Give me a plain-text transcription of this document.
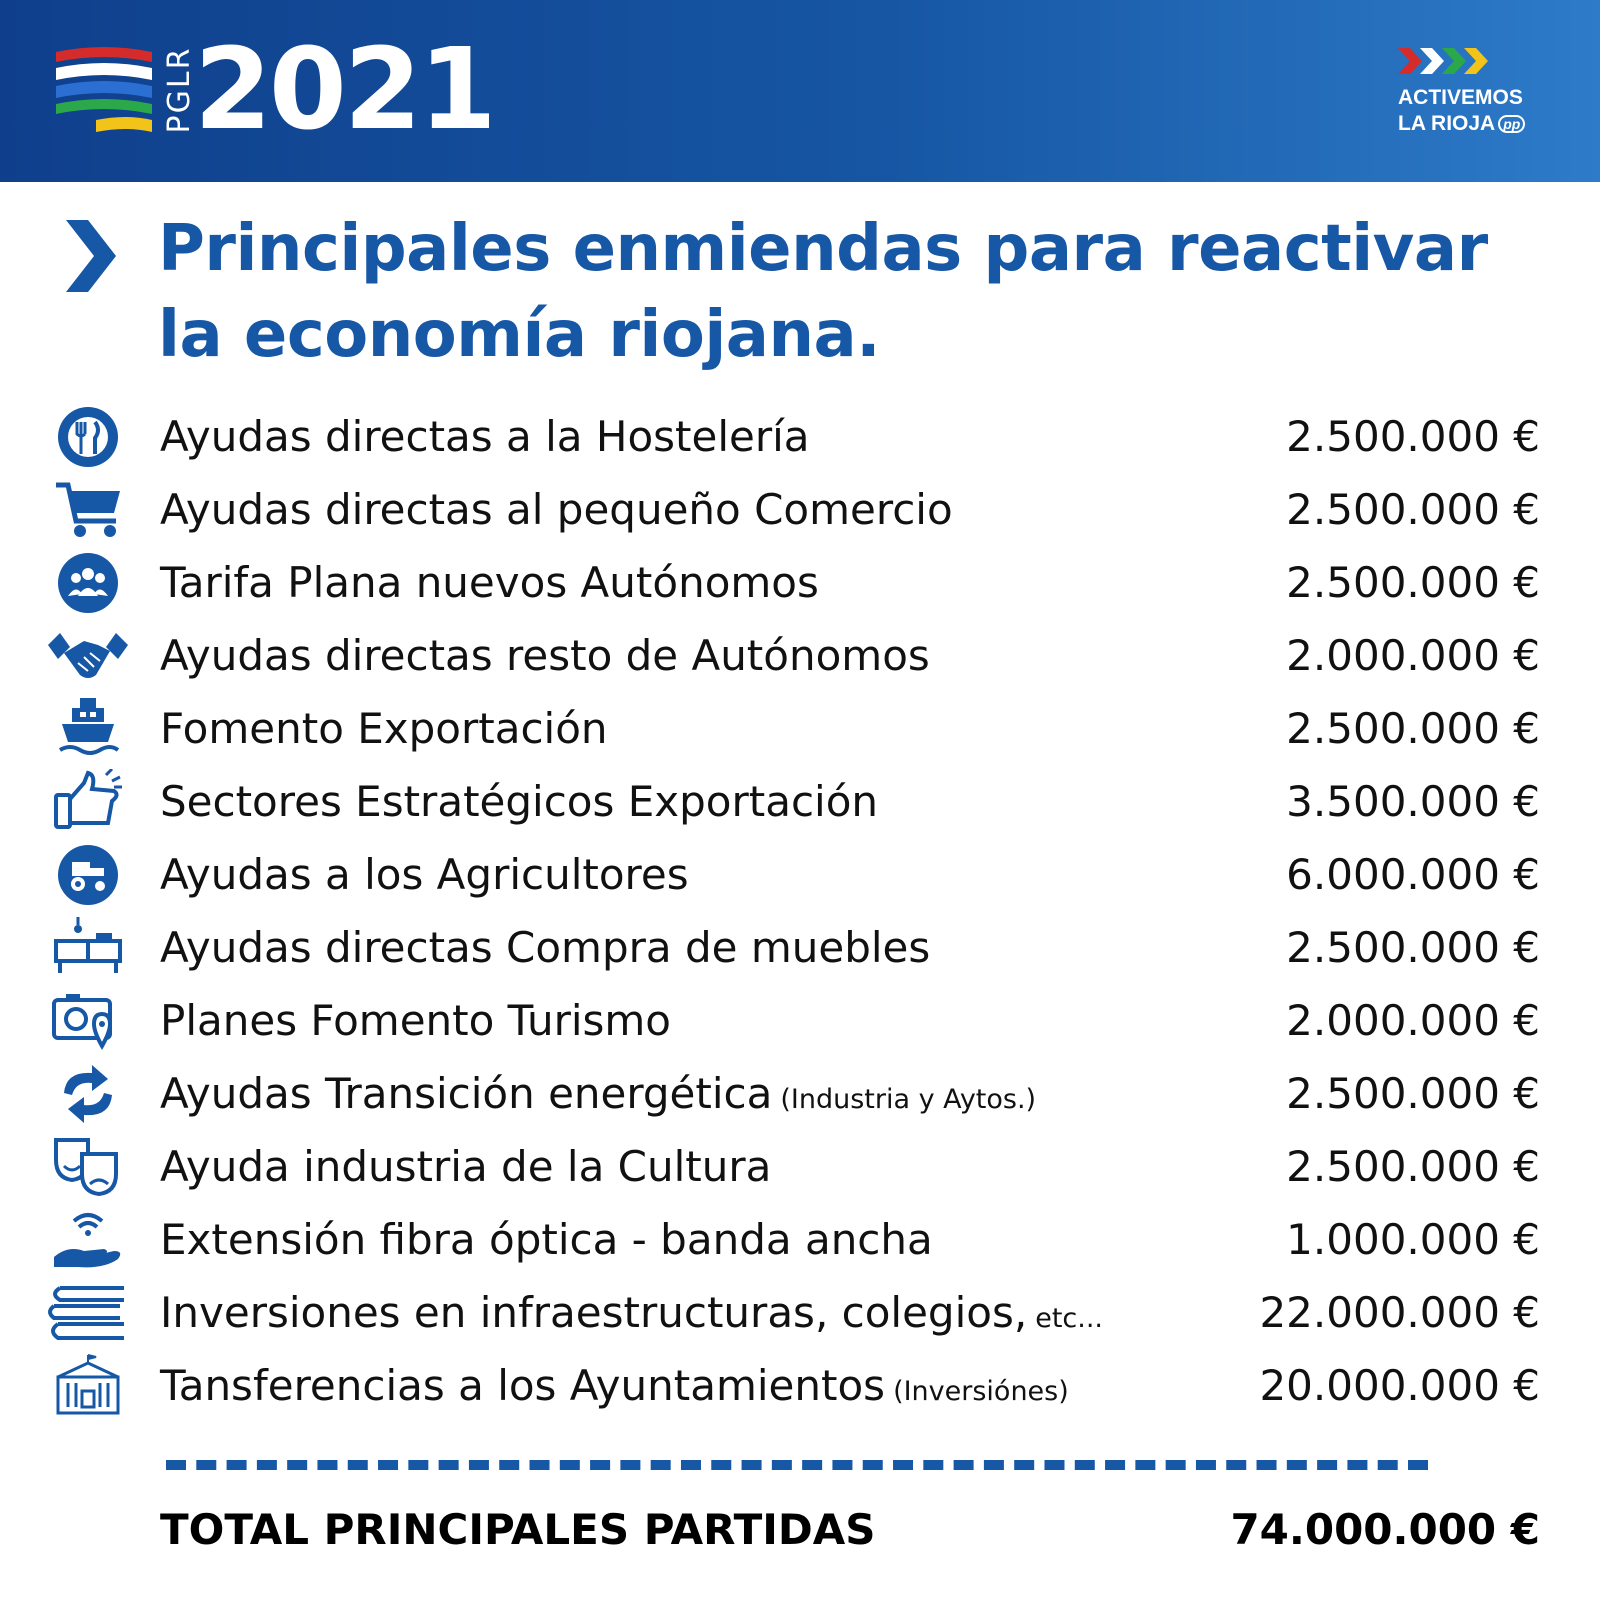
PGLR
2021	ACTIVEMOS
LA RIOJA pp
Principales enmiendas para reactivar la economía riojana.
Ayudas directas a la Hostelería	2.500.000 €
Ayudas directas al pequeño Comercio	2.500.000 €
Tarifa Plana nuevos Autónomos	2.500.000 €
Ayudas directas resto de Autónomos	2.000.000 €
Fomento Exportación	2.500.000 €
Sectores Estratégicos Exportación	3.500.000 €
Ayudas a los Agricultores	6.000.000 €
Ayudas directas Compra de muebles	2.500.000 €
Planes Fomento Turismo	2.000.000 €
Ayudas Transición energética (Industria y Aytos.)	2.500.000 €
Ayuda industria de la Cultura	2.500.000 €
Extensión fibra óptica - banda ancha	1.000.000 €
Inversiones en infraestructuras, colegios, etc...	22.000.000 €
Tansferencias a los Ayuntamientos (Inversiónes)	20.000.000 €
TOTAL PRINCIPALES PARTIDAS	74.000.000 €
